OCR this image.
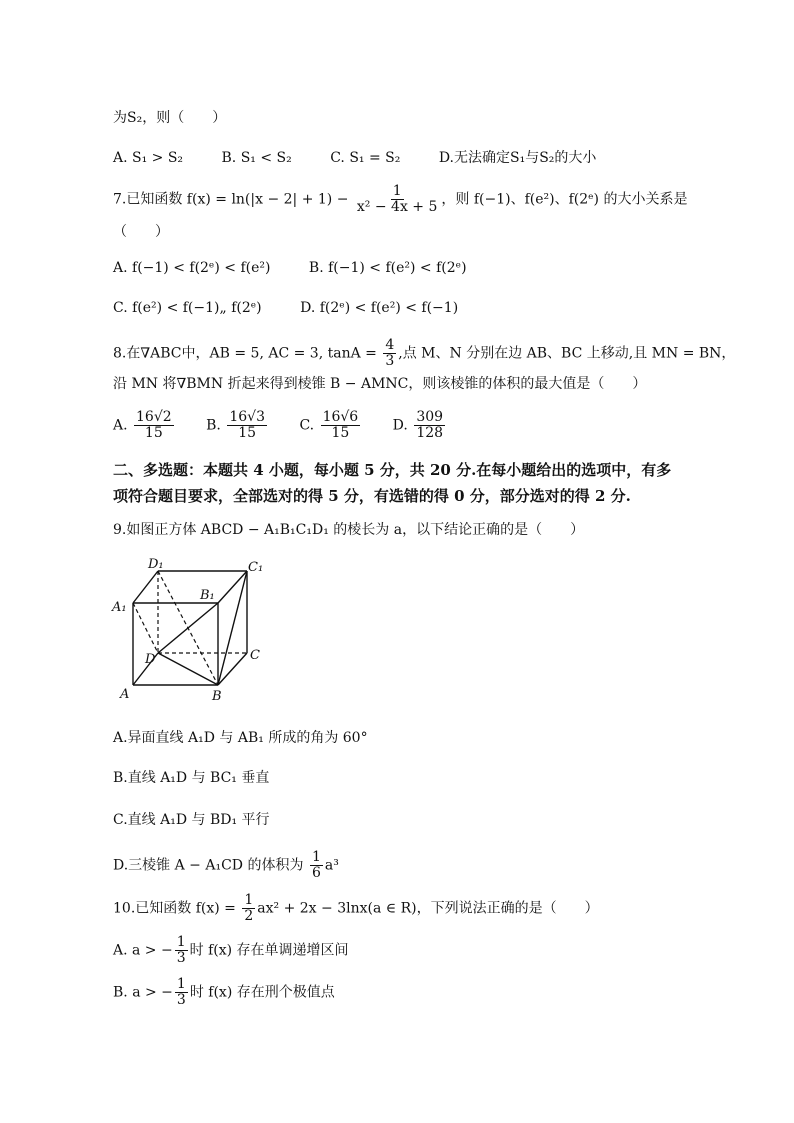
为S₂，则（　　）
A. S₁ > S₂	B. S₁ < S₂	C. S₁ = S₂	D.无法确定S₁与S₂的大小
7.已知函数 $f(x) = \ln(|x - 2| + 1) - \frac{1}{\text{x² − 4x + 5}}$ ，则 f(−1)、f(e²)、f(2ᵉ) 的大小关系是
（　　）
A. f(−1) < f(2ᵉ) < f(e²)	B. f(−1) < f(e²) < f(2ᵉ)
C. f(e²) < f(−1)„ f(2ᵉ)	D. f(2ᵉ) < f(e²) < f(−1)
8.在∇ABC中，AB = 5, AC = 3, $\tan A = \frac{4}{3}$ ,点 M、N 分别在边 AB、BC 上移动,且 MN = BN，
沿 MN 将∇BMN 折起来得到棱锥 B − AMNC，则该棱锥的体积的最大值是（　　）
A. $\frac{16√2}{15} B$. $\frac{16√3}{15} C$. $\frac{16√6}{15} D$. $\frac{309}{128}$
二、多选题：本题共 4 小题，每小题 5 分，共 20 分.在每小题给出的选项中，有多
项符合题目要求，全部选对的得 5 分，有选错的得 0 分，部分选对的得 2 分.
9.如图正方体 ABCD − A₁B₁C₁D₁ 的棱长为 a，以下结论正确的是（　　）
D₁	C₁
A₁
B₁
D	C
A	B
A.异面直线 A₁D 与 AB₁ 所成的角为 60°
B.直线 A₁D 与 BC₁ 垂直
C.直线 A₁D 与 BD₁ 平行
D.三棱锥 A − A₁CD 的体积为 $\frac{1}{6} a^3$
10.已知函数 $f(x) = \frac{1}{2} ax^2 + 2x - 3\ln x(a$ ∈ R)，下列说法正确的是（　　）
A. a > − $\frac{1}{3}$ 时 f(x) 存在单调递增区间
B. a > − $\frac{1}{3}$ 时 f(x) 存在刑个极值点
